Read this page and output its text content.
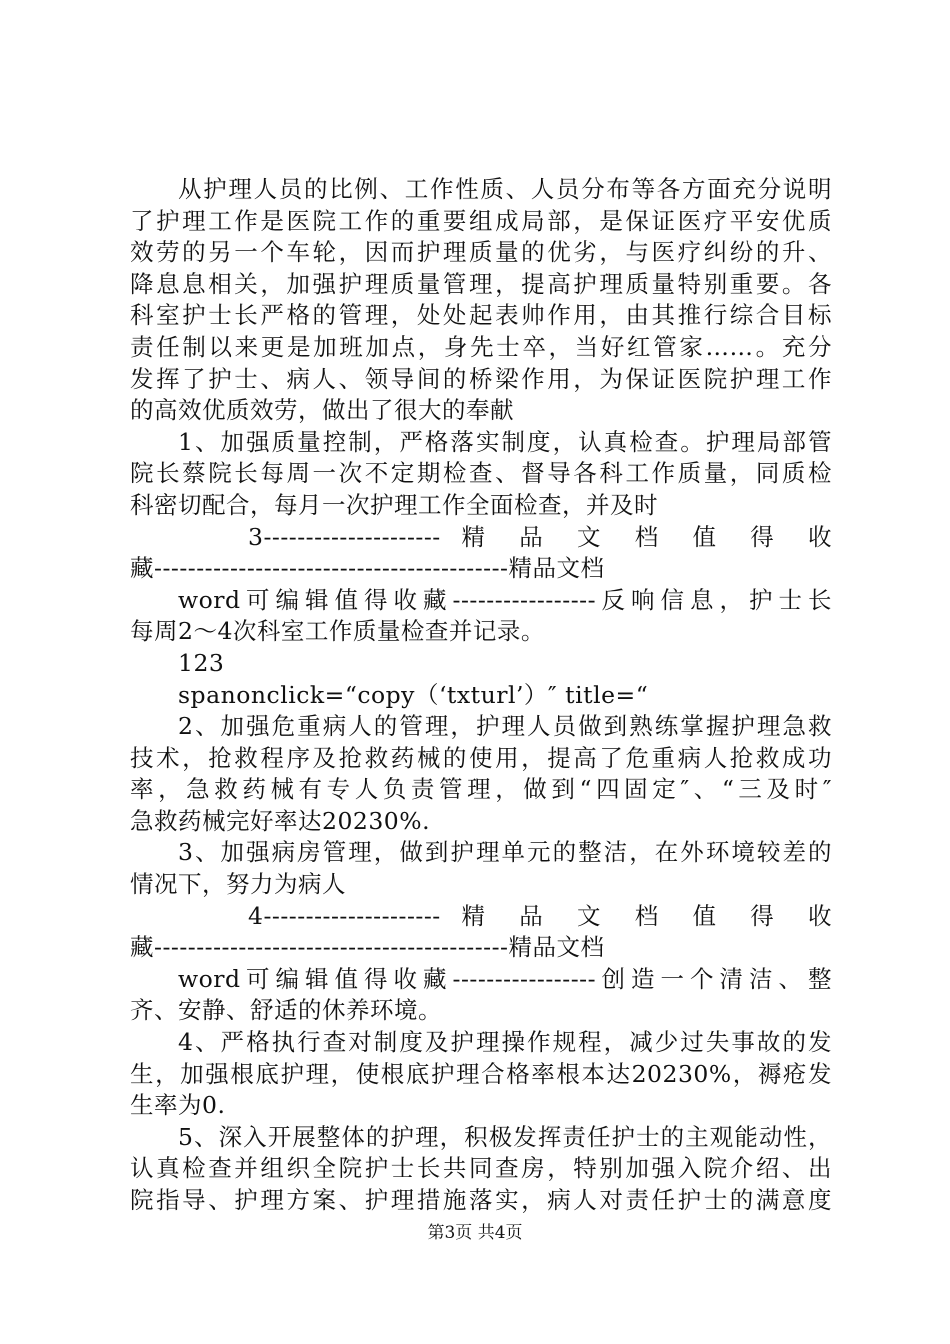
从护理人员的比例、工作性质、人员分布等各方面充分说明
了护理工作是医院工作的重要组成局部，是保证医疗平安优质
效劳的另一个车轮，因而护理质量的优劣，与医疗纠纷的升、
降息息相关，加强护理质量管理，提高护理质量特别重要。各
科室护士长严格的管理，处处起表帅作用，由其推行综合目标
责任制以来更是加班加点，身先士卒，当好红管家……。充分
发挥了护士、病人、领导间的桥梁作用，为保证医院护理工作
的高效优质效劳，做出了很大的奉献
1、加强质量控制，严格落实制度，认真检查。护理局部管
院长蔡院长每周一次不定期检查、督导各科工作质量，同质检
科密切配合，每月一次护理工作全面检查，并及时
3--------------------- 精 品 文 档 值 得 收
藏------------------------------------------精品文档
word可编辑值得收藏-----------------反响信息，护士长
每周2～4次科室工作质量检查并记录。
123
spanonclick=“copy（‘txturl’）″ title=“
2、加强危重病人的管理，护理人员做到熟练掌握护理急救
技术，抢救程序及抢救药械的使用，提高了危重病人抢救成功
率，急救药械有专人负责管理，做到“四固定″、“三及时″
急救药械完好率达20230%.
3、加强病房管理，做到护理单元的整洁，在外环境较差的
情况下，努力为病人
4--------------------- 精 品 文 档 值 得 收
藏------------------------------------------精品文档
word可编辑值得收藏-----------------创造一个清洁、整
齐、安静、舒适的休养环境。
4、严格执行查对制度及护理操作规程，减少过失事故的发
生，加强根底护理，使根底护理合格率根本达20230%，褥疮发
生率为0.
5、深入开展整体的护理，积极发挥责任护士的主观能动性，
认真检查并组织全院护士长共同查房，特别加强入院介绍、出
院指导、护理方案、护理措施落实，病人对责任护士的满意度
第3页 共4页
